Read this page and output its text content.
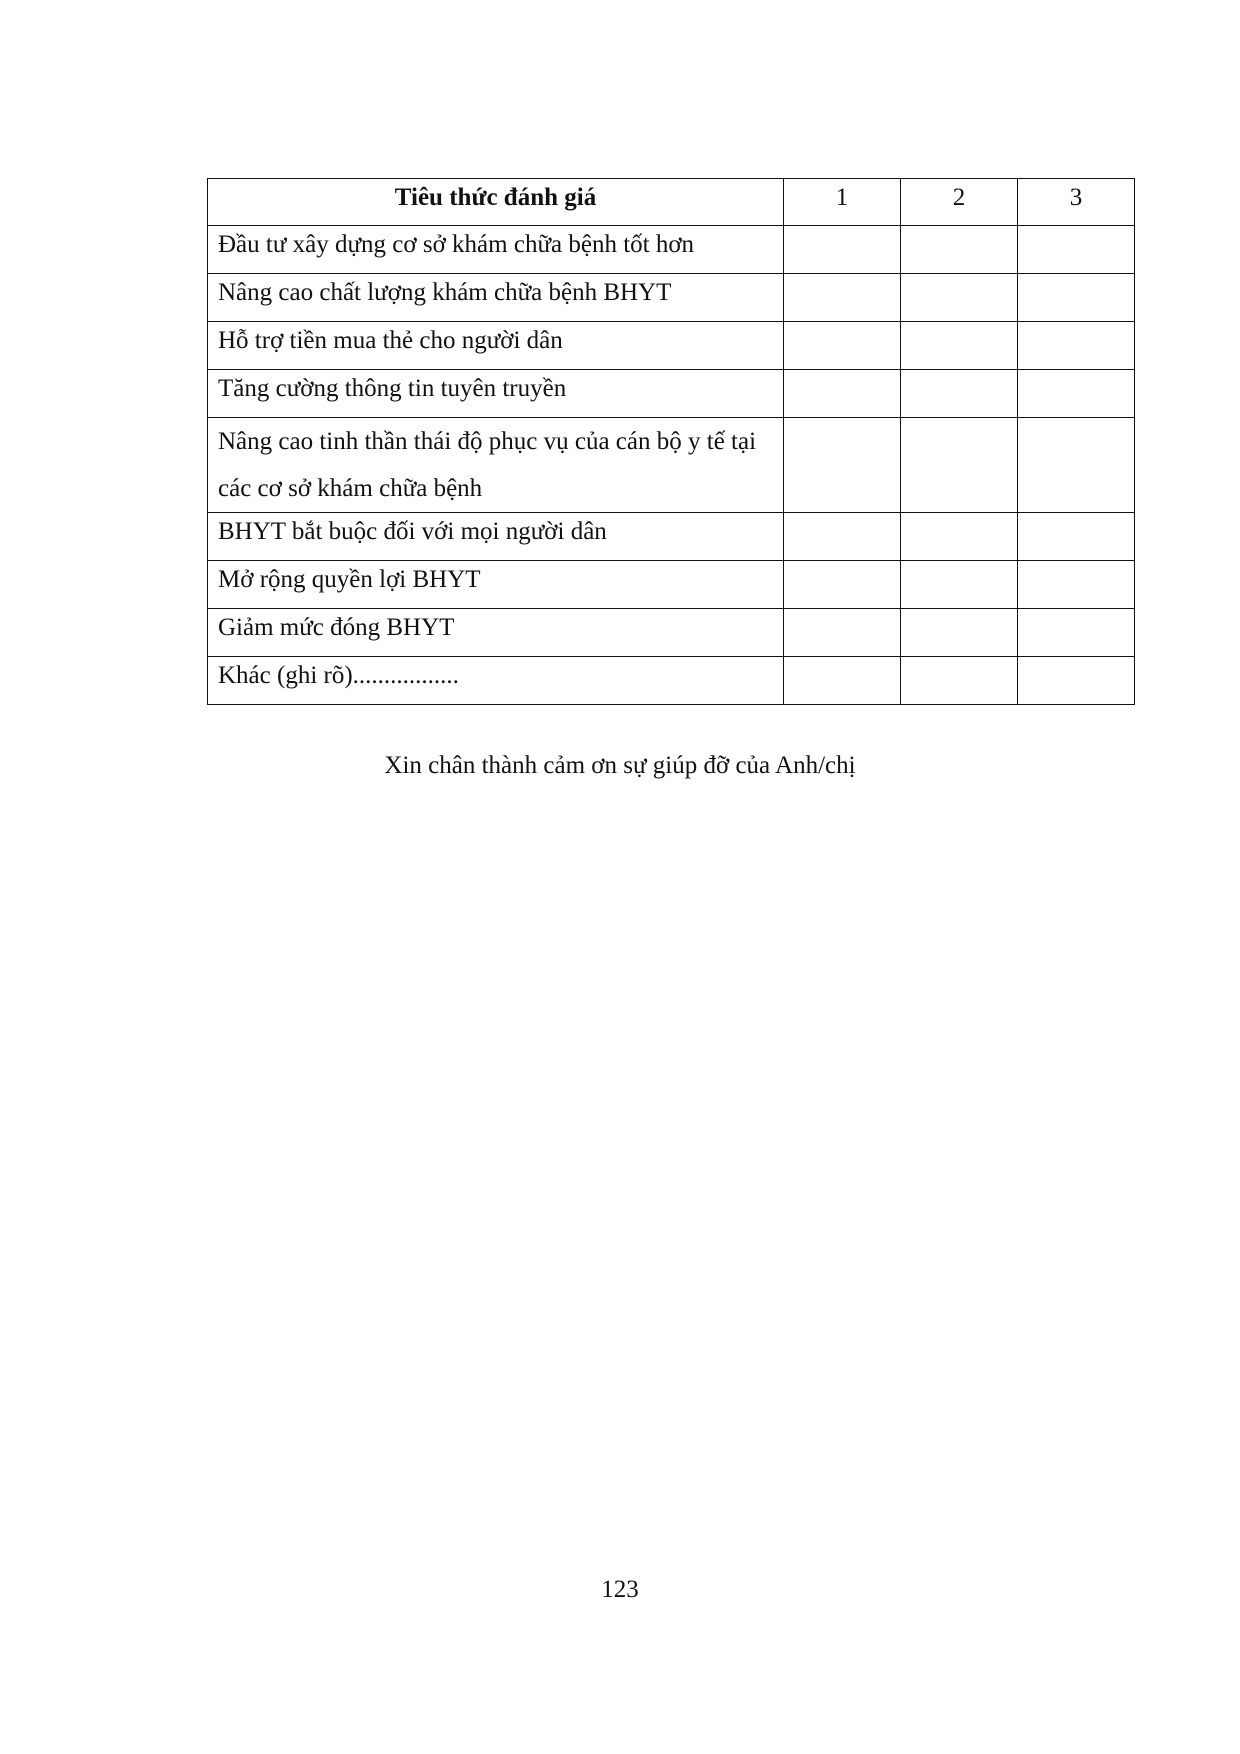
Tiêu thức đánh giá	1	2	3
Đầu tư xây dựng cơ sở khám chữa bệnh tốt hơn			
Nâng cao chất lượng khám chữa bệnh BHYT			
Hỗ trợ tiền mua thẻ cho người dân			
Tăng cường thông tin tuyên truyền			
Nâng cao tinh thần thái độ phục vụ của cán bộ y tế tại các cơ sở khám chữa bệnh			
BHYT bắt buộc đối với mọi người dân			
Mở rộng quyền lợi BHYT			
Giảm mức đóng BHYT			
Khác (ghi rõ).................			
Xin chân thành cảm ơn sự giúp đỡ của Anh/chị
123
